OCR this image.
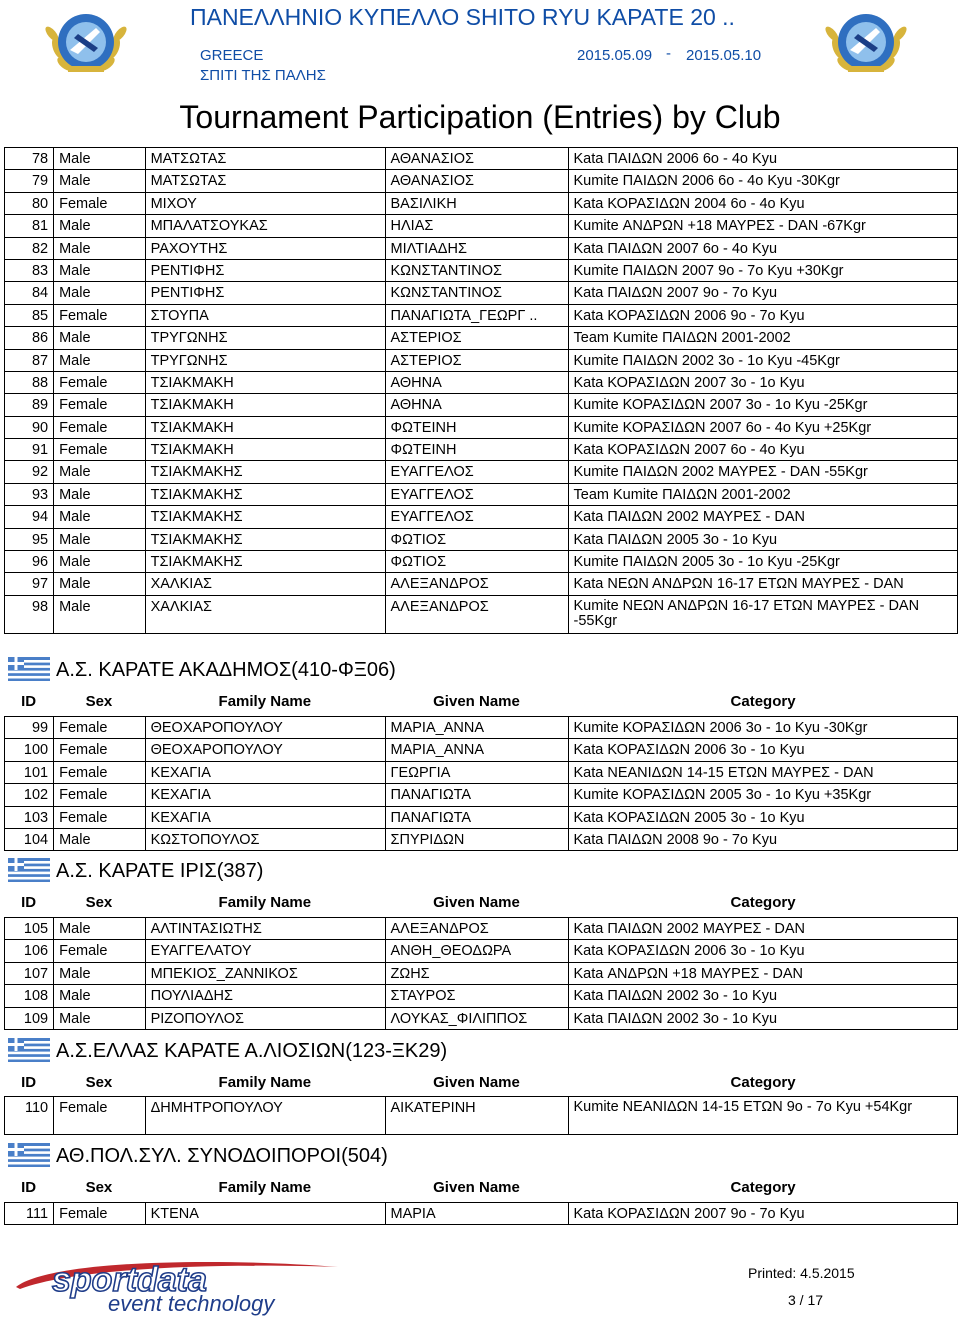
ΠΑΝΕΛΛΗΝΙΟ ΚΥΠΕΛΛΟ SHITO RYU ΚΑΡΑΤΕ 20 ..
GREECE
ΣΠΙΤΙ ΤΗΣ ΠΑΛΗΣ
2015.05.09 - 2015.05.10
Tournament Participation (Entries) by Club
78	Male	ΜΑΤΣΩΤΑΣ	ΑΘΑΝΑΣΙΟΣ	Kata ΠΑΙΔΩΝ 2006 6o - 4o Kyu
79	Male	ΜΑΤΣΩΤΑΣ	ΑΘΑΝΑΣΙΟΣ	Kumite ΠΑΙΔΩΝ 2006 6o - 4o Kyu -30Kgr
80	Female	ΜΙΧΟΥ	ΒΑΣΙΛΙΚΗ	Kata ΚΟΡΑΣΙΔΩΝ 2004 6o - 4o Kyu
81	Male	ΜΠΑΛΑΤΣΟΥΚΑΣ	ΗΛΙΑΣ	Kumite ΑΝΔΡΩΝ +18 ΜΑΥΡΕΣ - DAN -67Kgr
82	Male	ΡΑΧΟΥΤΗΣ	ΜΙΛΤΙΑΔΗΣ	Kata ΠΑΙΔΩΝ 2007 6o - 4o Kyu
83	Male	ΡΕΝΤΙΦΗΣ	ΚΩΝΣΤΑΝΤΙΝΟΣ	Kumite ΠΑΙΔΩΝ 2007 9o - 7o Kyu +30Kgr
84	Male	ΡΕΝΤΙΦΗΣ	ΚΩΝΣΤΑΝΤΙΝΟΣ	Kata ΠΑΙΔΩΝ 2007 9o - 7o Kyu
85	Female	ΣΤΟΥΠΑ	ΠΑΝΑΓΙΩΤΑ_ΓΕΩΡΓ ..	Kata ΚΟΡΑΣΙΔΩΝ 2006 9o - 7o Kyu
86	Male	ΤΡΥΓΩΝΗΣ	ΑΣΤΕΡΙΟΣ	Team Kumite ΠΑΙΔΩΝ 2001-2002
87	Male	ΤΡΥΓΩΝΗΣ	ΑΣΤΕΡΙΟΣ	Kumite ΠΑΙΔΩΝ 2002 3o - 1o Kyu -45Kgr
88	Female	ΤΣΙΑΚΜΑΚΗ	ΑΘΗΝΑ	Kata ΚΟΡΑΣΙΔΩΝ 2007 3o - 1o Kyu
89	Female	ΤΣΙΑΚΜΑΚΗ	ΑΘΗΝΑ	Kumite ΚΟΡΑΣΙΔΩΝ 2007 3o - 1o Kyu -25Kgr
90	Female	ΤΣΙΑΚΜΑΚΗ	ΦΩΤΕΙΝΗ	Kumite ΚΟΡΑΣΙΔΩΝ 2007 6o - 4o Kyu +25Kgr
91	Female	ΤΣΙΑΚΜΑΚΗ	ΦΩΤΕΙΝΗ	Kata ΚΟΡΑΣΙΔΩΝ 2007 6o - 4o Kyu
92	Male	ΤΣΙΑΚΜΑΚΗΣ	ΕΥΑΓΓΕΛΟΣ	Kumite ΠΑΙΔΩΝ 2002 ΜΑΥΡΕΣ - DAN -55Kgr
93	Male	ΤΣΙΑΚΜΑΚΗΣ	ΕΥΑΓΓΕΛΟΣ	Team Kumite ΠΑΙΔΩΝ 2001-2002
94	Male	ΤΣΙΑΚΜΑΚΗΣ	ΕΥΑΓΓΕΛΟΣ	Kata ΠΑΙΔΩΝ 2002 ΜΑΥΡΕΣ - DAN
95	Male	ΤΣΙΑΚΜΑΚΗΣ	ΦΩΤΙΟΣ	Kata ΠΑΙΔΩΝ 2005 3o - 1o Kyu
96	Male	ΤΣΙΑΚΜΑΚΗΣ	ΦΩΤΙΟΣ	Kumite ΠΑΙΔΩΝ 2005 3o - 1o Kyu -25Kgr
97	Male	ΧΑΛΚΙΑΣ	ΑΛΕΞΑΝΔΡΟΣ	Kata ΝΕΩΝ ΑΝΔΡΩΝ 16-17 ΕΤΩΝ ΜΑΥΡΕΣ - DAN
98	Male	ΧΑΛΚΙΑΣ	ΑΛΕΞΑΝΔΡΟΣ	Kumite ΝΕΩΝ ΑΝΔΡΩΝ 16-17 ΕΤΩΝ ΜΑΥΡΕΣ - DAN -55Kgr
Α.Σ. ΚΑΡΑΤΕ ΑΚΑΔΗΜΟΣ(410-ΦΞ06)
ID	Sex	Family Name	Given Name	Category
99	Female	ΘΕΟΧΑΡΟΠΟΥΛΟΥ	ΜΑΡΙΑ_ΑΝΝΑ	Kumite ΚΟΡΑΣΙΔΩΝ 2006 3o - 1o Kyu -30Kgr
100	Female	ΘΕΟΧΑΡΟΠΟΥΛΟΥ	ΜΑΡΙΑ_ΑΝΝΑ	Kata ΚΟΡΑΣΙΔΩΝ 2006 3o - 1o Kyu
101	Female	ΚΕΧΑΓΙΑ	ΓΕΩΡΓΙΑ	Kata ΝΕΑΝΙΔΩΝ 14-15 ΕΤΩΝ ΜΑΥΡΕΣ - DAN
102	Female	ΚΕΧΑΓΙΑ	ΠΑΝΑΓΙΩΤΑ	Kumite ΚΟΡΑΣΙΔΩΝ 2005 3o - 1o Kyu +35Kgr
103	Female	ΚΕΧΑΓΙΑ	ΠΑΝΑΓΙΩΤΑ	Kata ΚΟΡΑΣΙΔΩΝ 2005 3o - 1o Kyu
104	Male	ΚΩΣΤΟΠΟΥΛΟΣ	ΣΠΥΡΙΔΩΝ	Kata ΠΑΙΔΩΝ 2008 9o - 7o Kyu
Α.Σ. ΚΑΡΑΤΕ ΙΡΙΣ(387)
ID	Sex	Family Name	Given Name	Category
105	Male	ΑΛΤΙΝΤΑΣΙΩΤΗΣ	ΑΛΕΞΑΝΔΡΟΣ	Kata ΠΑΙΔΩΝ 2002 ΜΑΥΡΕΣ - DAN
106	Female	ΕΥΑΓΓΕΛΑΤΟΥ	ΑΝΘΗ_ΘΕΟΔΩΡΑ	Kata ΚΟΡΑΣΙΔΩΝ 2006 3o - 1o Kyu
107	Male	ΜΠΕΚΙΟΣ_ΖΑΝΝΙΚΟΣ	ΖΩΗΣ	Kata ΑΝΔΡΩΝ +18 ΜΑΥΡΕΣ - DAN
108	Male	ΠΟΥΛΙΑΔΗΣ	ΣΤΑΥΡΟΣ	Kata ΠΑΙΔΩΝ 2002 3o - 1o Kyu
109	Male	ΡΙΖΟΠΟΥΛΟΣ	ΛΟΥΚΑΣ_ΦΙΛΙΠΠΟΣ	Kata ΠΑΙΔΩΝ 2002 3o - 1o Kyu
Α.Σ.ΕΛΛΑΣ ΚΑΡΑΤΕ Α.ΛΙΟΣΙΩΝ(123-ΞΚ29)
ID	Sex	Family Name	Given Name	Category
110	Female	ΔΗΜΗΤΡΟΠΟΥΛΟΥ	ΑΙΚΑΤΕΡΙΝΗ	Kumite ΝΕΑΝΙΔΩΝ 14-15 ΕΤΩΝ 9o - 7o Kyu +54Kgr
ΑΘ.ΠΟΛ.ΣΥΛ. ΣΥΝΟΔΟΙΠΟΡΟΙ(504)
ID	Sex	Family Name	Given Name	Category
111	Female	ΚΤΕΝΑ	ΜΑΡΙΑ	Kata ΚΟΡΑΣΙΔΩΝ 2007 9o - 7o Kyu
sportdata
event technology
Printed: 4.5.2015
3 / 17
